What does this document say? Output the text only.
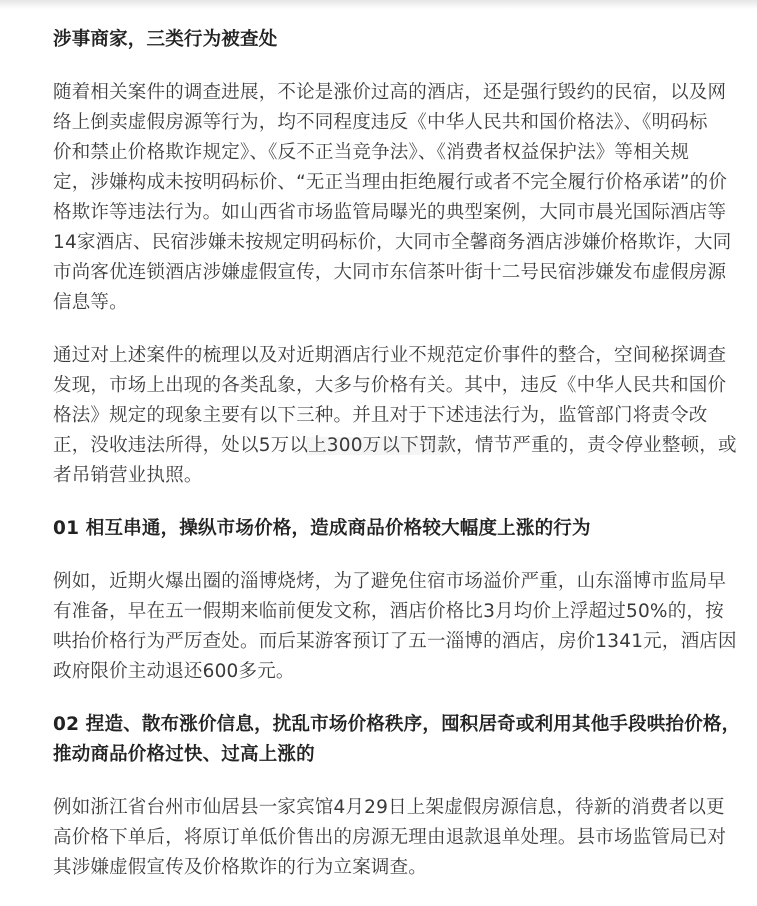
涉事商家，三类行为被查处
随着相关案件的调查进展，不论是涨价过高的酒店，还是强行毁约的民宿，以及网
络上倒卖虚假房源等行为，均不同程度违反《中华人民共和国价格法》、《明码标
价和禁止价格欺诈规定》、《反不正当竞争法》、《消费者权益保护法》等相关规
定，涉嫌构成未按明码标价、“无正当理由拒绝履行或者不完全履行价格承诺”的价
格欺诈等违法行为。如山西省市场监管局曝光的典型案例，大同市晨光国际酒店等
14家酒店、民宿涉嫌未按规定明码标价，大同市全馨商务酒店涉嫌价格欺诈，大同
市尚客优连锁酒店涉嫌虚假宣传，大同市东信茶叶街十二号民宿涉嫌发布虚假房源
信息等。
通过对上述案件的梳理以及对近期酒店行业不规范定价事件的整合，空间秘探调查
发现，市场上出现的各类乱象，大多与价格有关。其中，违反《中华人民共和国价
格法》规定的现象主要有以下三种。并且对于下述违法行为，监管部门将责令改
正，没收违法所得，处以5万以上300万以下罚款，情节严重的，责令停业整顿，或
者吊销营业执照。
01 相互串通，操纵市场价格，造成商品价格较大幅度上涨的行为
例如，近期火爆出圈的淄博烧烤，为了避免住宿市场溢价严重，山东淄博市监局早
有准备，早在五一假期来临前便发文称，酒店价格比3月均价上浮超过50%的，按
哄抬价格行为严厉查处。而后某游客预订了五一淄博的酒店，房价1341元，酒店因
政府限价主动退还600多元。
02 捏造、散布涨价信息，扰乱市场价格秩序，囤积居奇或利用其他手段哄抬价格，
推动商品价格过快、过高上涨的
例如浙江省台州市仙居县一家宾馆4月29日上架虚假房源信息，待新的消费者以更
高价格下单后，将原订单低价售出的房源无理由退款退单处理。县市场监管局已对
其涉嫌虚假宣传及价格欺诈的行为立案调查。
